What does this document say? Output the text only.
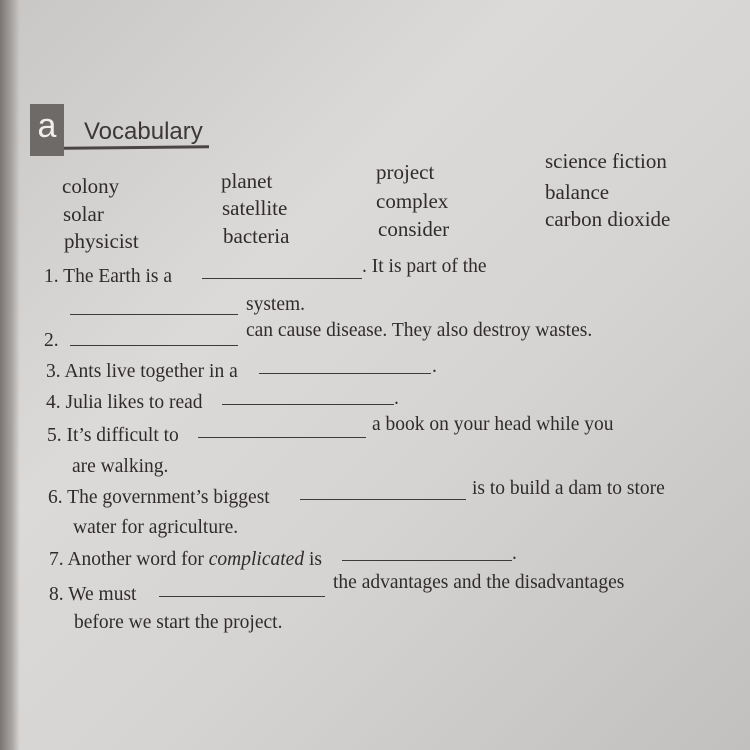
a	Vocabulary
colony
solar
physicist
planet
satellite
bacteria
project
complex
consider
science fiction
balance
carbon dioxide
1. The Earth is a	. It is part of the
system.
2.	can cause disease. They also destroy wastes.
3. Ants live together in a	.
4. Julia likes to read	.
5. It’s difficult to
a book on your head while you
are walking.
6. The government’s biggest	is to build a dam to store
water for agriculture.
7. Another word for complicated is	.
8. We must
the advantages and the disadvantages
before we start the project.
